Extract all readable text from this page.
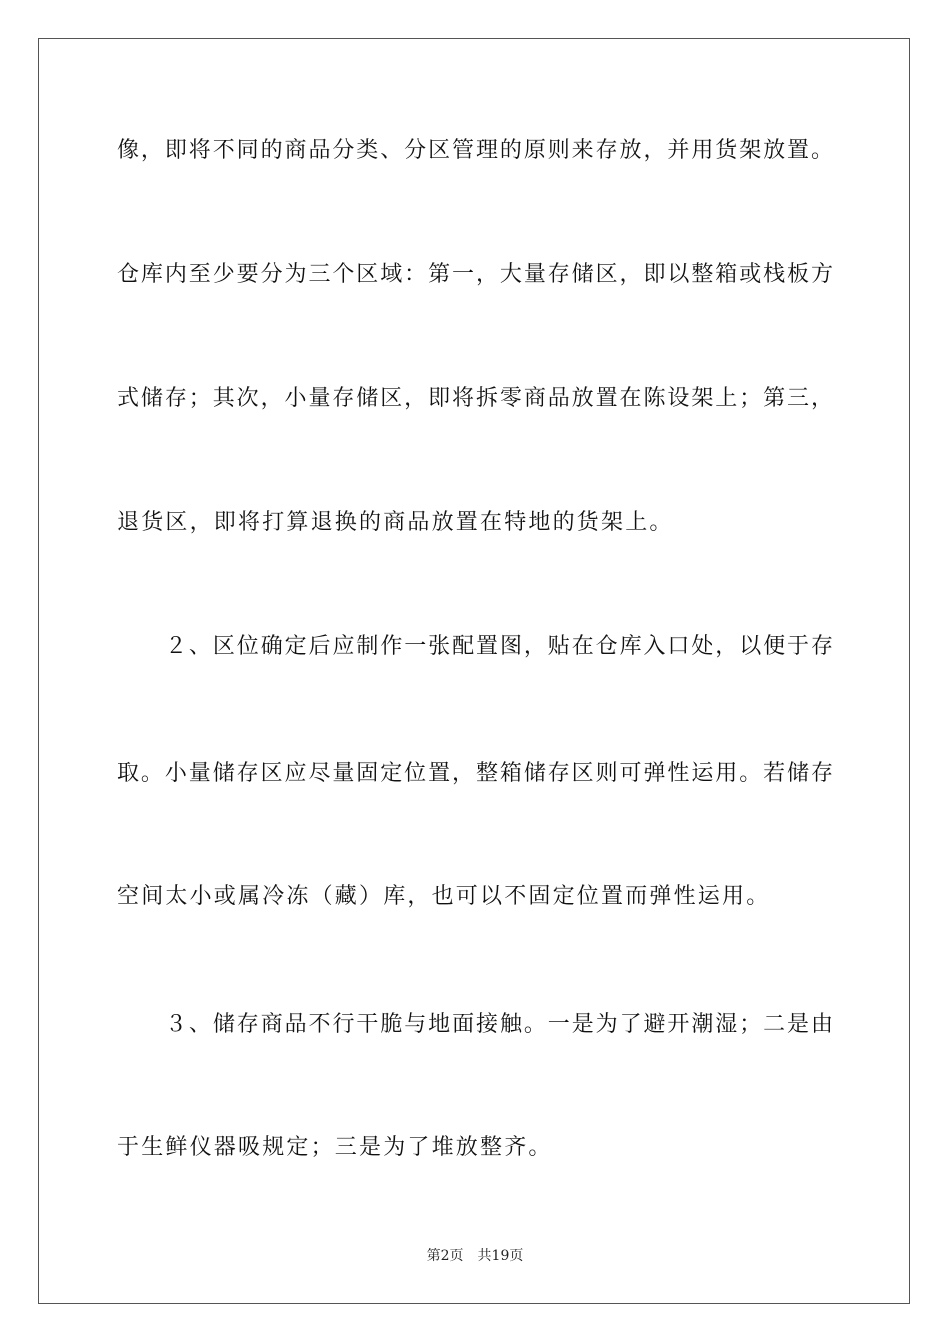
像，即将不同的商品分类、分区管理的原则来存放，并用货架放置。
仓库内至少要分为三个区域：第一，大量存储区，即以整箱或栈板方
式储存；其次，小量存储区，即将拆零商品放置在陈设架上；第三，
退货区，即将打算退换的商品放置在特地的货架上。
２、区位确定后应制作一张配置图，贴在仓库入口处，以便于存
取。小量储存区应尽量固定位置，整箱储存区则可弹性运用。若储存
空间太小或属冷冻（藏）库，也可以不固定位置而弹性运用。
３、储存商品不行干脆与地面接触。一是为了避开潮湿；二是由
于生鲜仪器吸规定；三是为了堆放整齐。
第2页 共19页
